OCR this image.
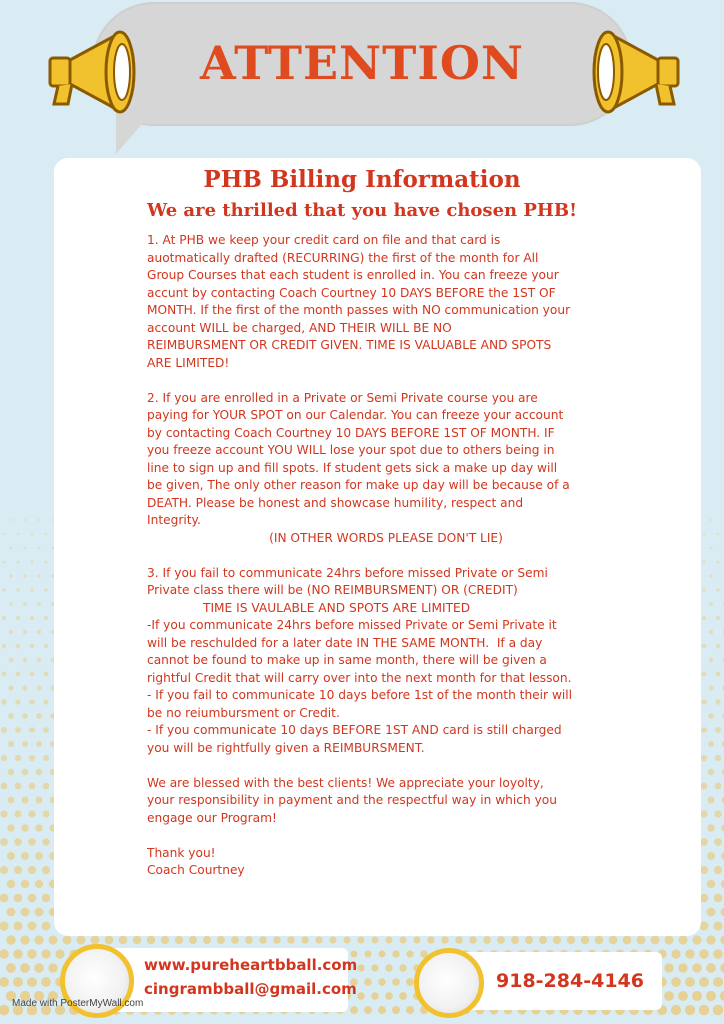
ATTENTION
PHB Billing Information
We are thrilled that you have chosen PHB!

1. At PHB we keep your credit card on file and that card is

auotmatically drafted (RECURRING) the first of the month for All

Group Courses that each student is enrolled in. You can freeze your

accunt by contacting Coach Courtney 10 DAYS BEFORE the 1ST OF

MONTH. If the first of the month passes with NO communication your

account WILL be charged, AND THEIR WILL BE NO

REIMBURSMENT OR CREDIT GIVEN. TIME IS VALUABLE AND SPOTS

ARE LIMITED!

2. If you are enrolled in a Private or Semi Private course you are

paying for YOUR SPOT on our Calendar. You can freeze your account

by contacting Coach Courtney 10 DAYS BEFORE 1ST OF MONTH. IF

you freeze account YOU WILL lose your spot due to others being in

line to sign up and fill spots. If student gets sick a make up day will

be given, The only other reason for make up day will be because of a

DEATH. Please be honest and showcase humility, respect and

Integrity.

(IN OTHER WORDS PLEASE DON'T LIE)

3. If you fail to communicate 24hrs before missed Private or Semi

Private class there will be (NO REIMBURSMENT) OR (CREDIT)

TIME IS VAULABLE AND SPOTS ARE LIMITED

-If you communicate 24hrs before missed Private or Semi Private it

will be reschulded for a later date IN THE SAME MONTH.  If a day

cannot be found to make up in same month, there will be given a

rightful Credit that will carry over into the next month for that lesson.

- If you fail to communicate 10 days before 1st of the month their will

be no reiumbursment or Credit.

- If you communicate 10 days BEFORE 1ST AND card is still charged

you will be rightfully given a REIMBURSMENT.

We are blessed with the best clients! We appreciate your loyolty,

your responsibility in payment and the respectful way in which you

engage our Program!

Thank you!

Coach Courtney

www.pureheartbball.com
cingrambball@gmail.com	918-284-4146
Made with PosterMyWall.com
